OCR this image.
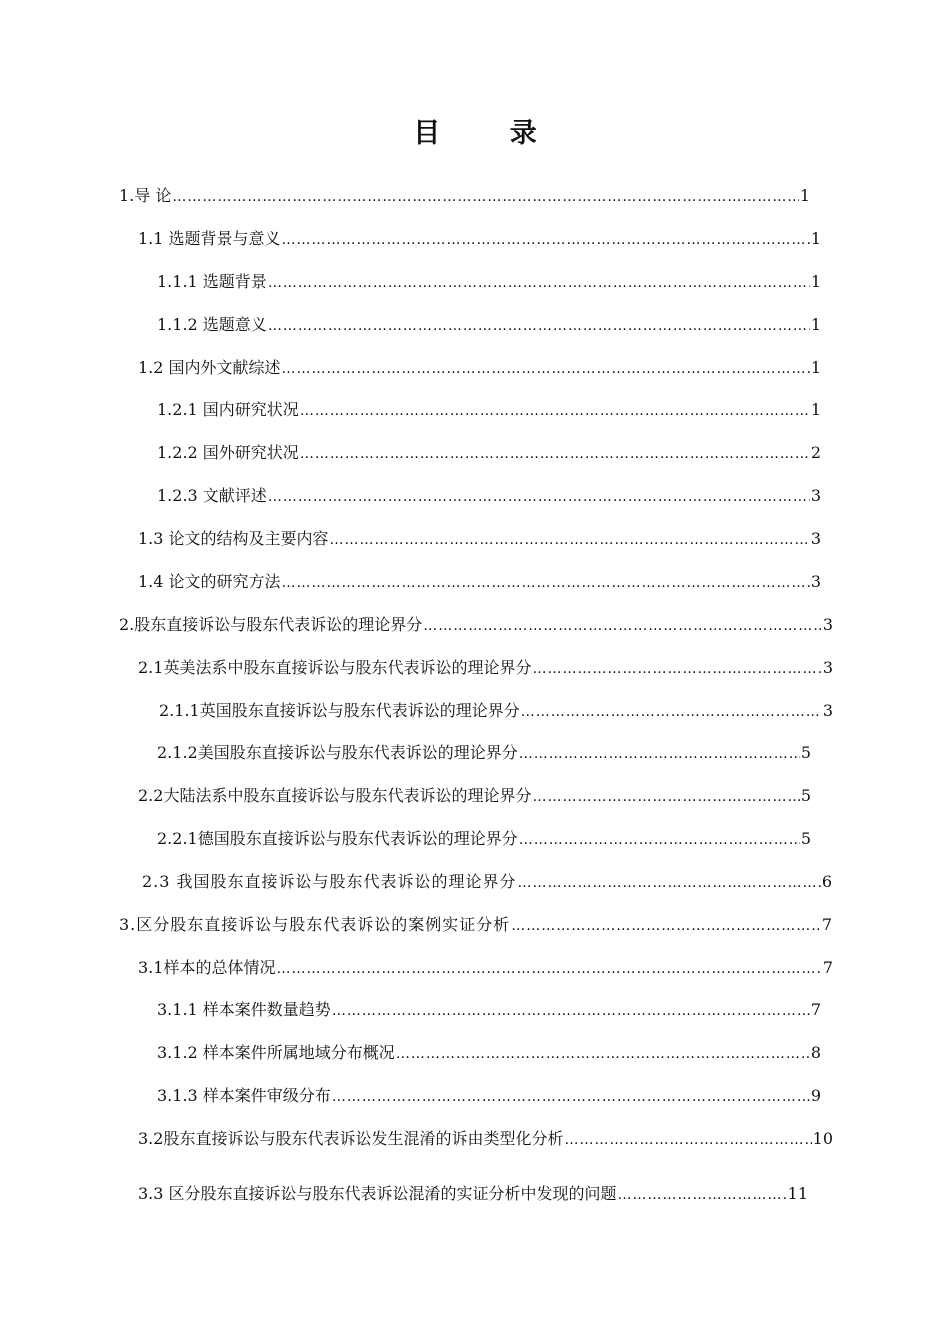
目 录
1.导 论 ………………………………………………………………………………………………………………………………………………………………………………………………………………………………………………………………………	1
1.1 选题背景与意义 ………………………………………………………………………………………………………………………………………………………………………………………………………………………………………………………………………	1
1.1.1 选题背景 ………………………………………………………………………………………………………………………………………………………………………………………………………………………………………………………………………	1
1.1.2 选题意义 ………………………………………………………………………………………………………………………………………………………………………………………………………………………………………………………………………	1
1.2 国内外文献综述 ………………………………………………………………………………………………………………………………………………………………………………………………………………………………………………………………………	1
1.2.1 国内研究状况 ………………………………………………………………………………………………………………………………………………………………………………………………………………………………………………………………………	1
1.2.2 国外研究状况 ………………………………………………………………………………………………………………………………………………………………………………………………………………………………………………………………………	2
1.2.3 文献评述 ………………………………………………………………………………………………………………………………………………………………………………………………………………………………………………………………………	3
1.3 论文的结构及主要内容 ………………………………………………………………………………………………………………………………………………………………………………………………………………………………………………………………………	3
1.4 论文的研究方法 ………………………………………………………………………………………………………………………………………………………………………………………………………………………………………………………………………	3
2.股东直接诉讼与股东代表诉讼的理论界分 ………………………………………………………………………………………………………………………………………………………………………………………………………………………………………………………………………	3
2.1英美法系中股东直接诉讼与股东代表诉讼的理论界分 ………………………………………………………………………………………………………………………………………………………………………………………………………………………………………………………………………	3
2.1.1英国股东直接诉讼与股东代表诉讼的理论界分 ………………………………………………………………………………………………………………………………………………………………………………………………………………………………………………………………………	3
2.1.2美国股东直接诉讼与股东代表诉讼的理论界分 ………………………………………………………………………………………………………………………………………………………………………………………………………………………………………………………………………	5
2.2大陆法系中股东直接诉讼与股东代表诉讼的理论界分 ………………………………………………………………………………………………………………………………………………………………………………………………………………………………………………………………………	5
2.2.1德国股东直接诉讼与股东代表诉讼的理论界分 ………………………………………………………………………………………………………………………………………………………………………………………………………………………………………………………………………	5
2.3 我国股东直接诉讼与股东代表诉讼的理论界分 ………………………………………………………………………………………………………………………………………………………………………………………………………………………………………………………………………	6
3.区分股东直接诉讼与股东代表诉讼的案例实证分析 ………………………………………………………………………………………………………………………………………………………………………………………………………………………………………………………………………	7
3.1样本的总体情况 ………………………………………………………………………………………………………………………………………………………………………………………………………………………………………………………………………	7
3.1.1 样本案件数量趋势 ………………………………………………………………………………………………………………………………………………………………………………………………………………………………………………………………………	7
3.1.2 样本案件所属地域分布概况 ………………………………………………………………………………………………………………………………………………………………………………………………………………………………………………………………………	8
3.1.3 样本案件审级分布 ………………………………………………………………………………………………………………………………………………………………………………………………………………………………………………………………………	9
3.2股东直接诉讼与股东代表诉讼发生混淆的诉由类型化分析 ………………………………………………………………………………………………………………………………………………………………………………………………………………………………………………………………………	10
3.3 区分股东直接诉讼与股东代表诉讼混淆的实证分析中发现的问题 ………………………………………………………………………………………………………………………………………………………………………………………………………………………………………………………………………	11
